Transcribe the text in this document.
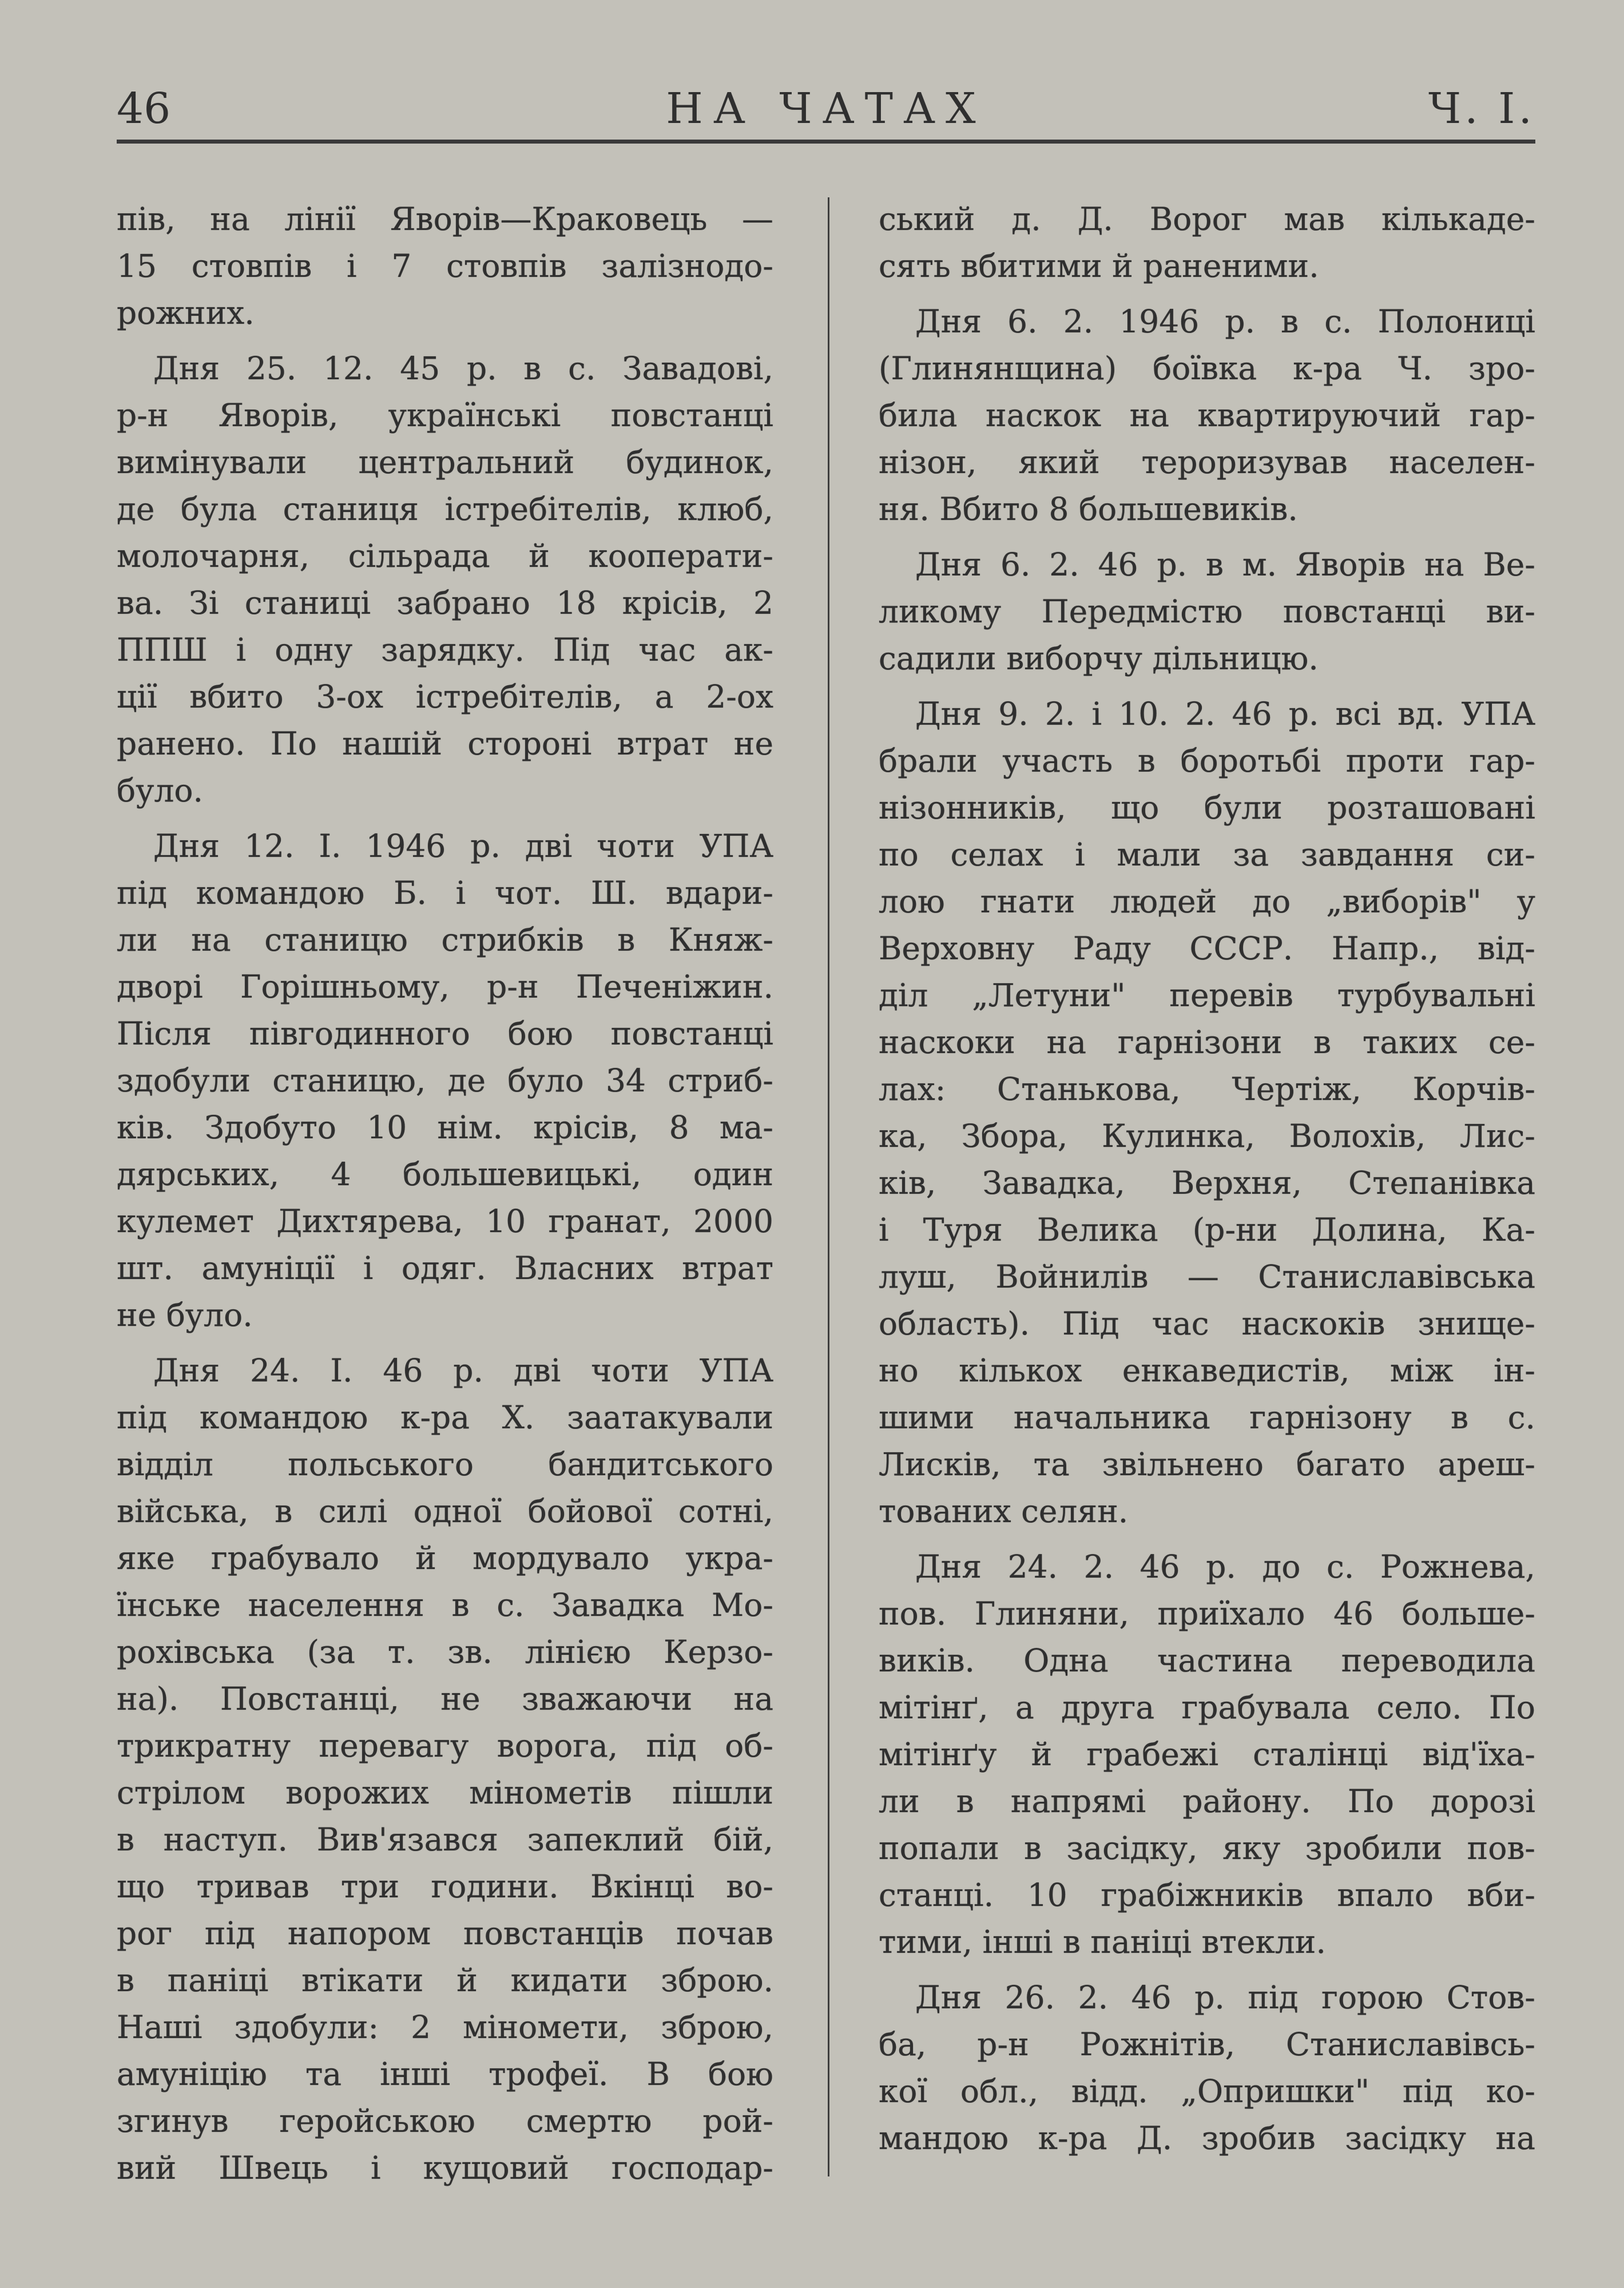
НА ЧАТАХ
46	Ч. І.
пів, на лінії Яворів—Краковець —
15 стовпів і 7 стовпів залізнодо-
рожних.
Дня 25. 12. 45 р. в с. Завадові,
р-н Яворів, українські повстанці
вимінували центральний будинок,
де була станиця істребітелів, клюб,
молочарня, сільрада й кооперати-
ва. Зі станиці забрано 18 крісів, 2
ППШ і одну зарядку. Під час ак-
ції вбито 3-ох істребітелів, а 2-ох
ранено. По нашій стороні втрат не
було.
Дня 12. I. 1946 р. дві чоти УПА
під командою Б. і чот. Ш. вдари-
ли на станицю стрибків в Княж-
дворі Горішньому, р-н Печеніжин.
Після півгодинного бою повстанці
здобули станицю, де було 34 стриб-
ків. Здобуто 10 нім. крісів, 8 ма-
дярських, 4 большевицькі, один
кулемет Дихтярева, 10 гранат, 2000
шт. амуніції і одяг. Власних втрат
не було.
Дня 24. I. 46 р. дві чоти УПА
під командою к-ра Х. заатакували
відділ польського бандитського
війська, в силі одної бойової сотні,
яке грабувало й мордувало укра-
їнське населення в с. Завадка Мо-
рохівська (за т. зв. лінією Керзо-
на). Повстанці, не зважаючи на
трикратну перевагу ворога, під об-
стрілом ворожих мінометів пішли
в наступ. Вив'язався запеклий бій,
що тривав три години. Вкінці во-
рог під напором повстанців почав
в паніці втікати й кидати зброю.
Наші здобули: 2 міномети, зброю,
амуніцію та інші трофеї. В бою
згинув геройською смертю рой-
вий Швець і кущовий господар-
ський д. Д. Ворог мав кількаде-
сять вбитими й раненими.
Дня 6. 2. 1946 р. в с. Полониці
(Глинянщина) боївка к-ра Ч. зро-
била наскок на квартируючий гар-
нізон, який тероризував населен-
ня. Вбито 8 большевиків.
Дня 6. 2. 46 р. в м. Яворів на Ве-
ликому Передмістю повстанці ви-
садили виборчу дільницю.
Дня 9. 2. і 10. 2. 46 р. всі вд. УПА
брали участь в боротьбі проти гар-
нізонників, що були розташовані
по селах і мали за завдання си-
лою гнати людей до „виборів" у
Верховну Раду СССР. Напр., від-
діл „Летуни" перевів турбувальні
наскоки на гарнізони в таких се-
лах: Станькова, Чертіж, Корчів-
ка, Збора, Кулинка, Волохів, Лис-
ків, Завадка, Верхня, Степанівка
і Туря Велика (р-ни Долина, Ка-
луш, Войнилів — Станиславівська
область). Під час наскоків знище-
но кількох енкаведистів, між ін-
шими начальника гарнізону в с.
Лисків, та звільнено багато ареш-
тованих селян.
Дня 24. 2. 46 р. до с. Рожнева,
пов. Глиняни, приїхало 46 больше-
виків. Одна частина переводила
мітінґ, а друга грабувала село. По
мітінґу й грабежі сталінці від'їха-
ли в напрямі району. По дорозі
попали в засідку, яку зробили пов-
станці. 10 грабіжників впало вби-
тими, інші в паніці втекли.
Дня 26. 2. 46 р. під горою Стов-
ба, р-н Рожнітів, Станиславівсь-
кої обл., відд. „Опришки" під ко-
мандою к-ра Д. зробив засідку на
